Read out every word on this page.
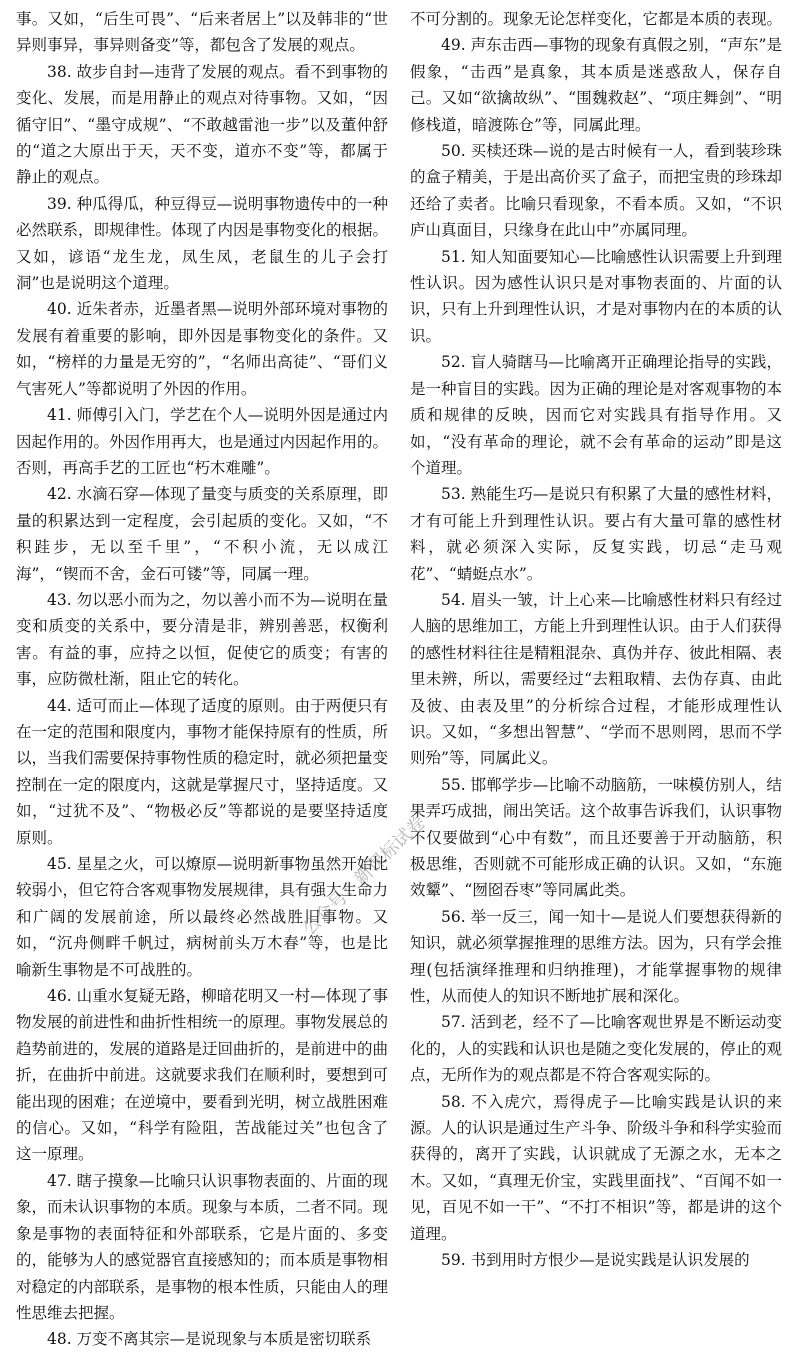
事。又如，“后生可畏”、“后来者居上”以及韩非的“世异则事异，事异则备变”等，都包含了发展的观点。

38. 故步自封—违背了发展的观点。看不到事物的变化、发展，而是用静止的观点对待事物。又如，“因循守旧”、“墨守成规”、“不敢越雷池一步”以及董仲舒的“道之大原出于天，天不变，道亦不变”等，都属于静止的观点。

39. 种瓜得瓜，种豆得豆—说明事物遗传中的一种必然联系，即规律性。体现了内因是事物变化的根据。又如，谚语“龙生龙，凤生凤，老鼠生的儿子会打洞”也是说明这个道理。

40. 近朱者赤，近墨者黑—说明外部环境对事物的发展有着重要的影响，即外因是事物变化的条件。又如，“榜样的力量是无穷的”，“名师出高徒”、“哥们义气害死人”等都说明了外因的作用。

41. 师傅引入门，学艺在个人—说明外因是通过内因起作用的。外因作用再大，也是通过内因起作用的。否则，再高手艺的工匠也“朽木难雕”。

42. 水滴石穿—体现了量变与质变的关系原理，即量的积累达到一定程度，会引起质的变化。又如，“不积跬步，无以至千里”，“不积小流，无以成江海”，“锲而不舍，金石可镂”等，同属一理。

43. 勿以恶小而为之，勿以善小而不为—说明在量变和质变的关系中，要分清是非，辨别善恶，权衡利害。有益的事，应持之以恒，促使它的质变；有害的事，应防微杜渐，阻止它的转化。

44. 适可而止—体现了适度的原则。由于两便只有在一定的范围和限度内，事物才能保持原有的性质，所以，当我们需要保持事物性质的稳定时，就必须把量变控制在一定的限度内，这就是掌握尺寸，坚持适度。又如，“过犹不及”、“物极必反”等都说的是要坚持适度原则。

45. 星星之火，可以燎原—说明新事物虽然开始比较弱小，但它符合客观事物发展规律，具有强大生命力和广阔的发展前途，所以最终必然战胜旧事物。又如，“沉舟侧畔千帆过，病树前头万木春”等，也是比喻新生事物是不可战胜的。

46. 山重水复疑无路，柳暗花明又一村—体现了事物发展的前进性和曲折性相统一的原理。事物发展总的趋势前进的，发展的道路是迂回曲折的，是前进中的曲折，在曲折中前进。这就要求我们在顺利时，要想到可能出现的困难；在逆境中，要看到光明，树立战胜困难的信心。又如，“科学有险阻，苦战能过关”也包含了这一原理。

47. 瞎子摸象—比喻只认识事物表面的、片面的现象，而未认识事物的本质。现象与本质，二者不同。现象是事物的表面特征和外部联系，它是片面的、多变的，能够为人的感觉器官直接感知的；而本质是事物相对稳定的内部联系，是事物的根本性质，只能由人的理性思维去把握。

48. 万变不离其宗—是说现象与本质是密切联系

不可分割的。现象无论怎样变化，它都是本质的表现。

49. 声东击西—事物的现象有真假之别，“声东”是假象，“击西”是真象，其本质是迷惑敌人，保存自己。又如“欲擒故纵”、“围魏救赵”、“项庄舞剑”、“明修栈道，暗渡陈仓”等，同属此理。

50. 买椟还珠—说的是古时候有一人，看到装珍珠的盒子精美，于是出高价买了盒子，而把宝贵的珍珠却还给了卖者。比喻只看现象，不看本质。又如，“不识庐山真面目，只缘身在此山中”亦属同理。

51. 知人知面要知心—比喻感性认识需要上升到理性认识。因为感性认识只是对事物表面的、片面的认识，只有上升到理性认识，才是对事物内在的本质的认识。

52. 盲人骑瞎马—比喻离开正确理论指导的实践，是一种盲目的实践。因为正确的理论是对客观事物的本质和规律的反映，因而它对实践具有指导作用。又如，“没有革命的理论，就不会有革命的运动”即是这个道理。

53. 熟能生巧—是说只有积累了大量的感性材料，才有可能上升到理性认识。要占有大量可靠的感性材料，就必须深入实际，反复实践，切忌“走马观花”、“蜻蜓点水”。

54. 眉头一皱，计上心来—比喻感性材料只有经过人脑的思维加工，方能上升到理性认识。由于人们获得的感性材料往往是精粗混杂、真伪并存、彼此相隔、表里未辨，所以，需要经过“去粗取精、去伪存真、由此及彼、由表及里”的分析综合过程，才能形成理性认识。又如，“多想出智慧”、“学而不思则罔，思而不学则殆”等，同属此义。

55. 邯郸学步—比喻不动脑筋，一味模仿别人，结果弄巧成拙，闹出笑话。这个故事告诉我们，认识事物不仅要做到“心中有数”，而且还要善于开动脑筋，积极思维，否则就不可能形成正确的认识。又如，“东施效颦”、“囫囵吞枣”等同属此类。

56. 举一反三，闻一知十—是说人们要想获得新的知识，就必须掌握推理的思维方法。因为，只有学会推理(包括演绎推理和归纳推理)，才能掌握事物的规律性，从而使人的知识不断地扩展和深化。

57. 活到老，经不了—比喻客观世界是不断运动变化的，人的实践和认识也是随之变化发展的，停止的观点，无所作为的观点都是不符合客观实际的。

58. 不入虎穴，焉得虎子—比喻实践是认识的来源。人的认识是通过生产斗争、阶级斗争和科学实验而获得的，离开了实践，认识就成了无源之水，无本之木。又如，“真理无价宝，实践里面找”、“百闻不如一见，百见不如一干”、“不打不相识”等，都是讲的这个道理。

59. 书到用时方恨少—是说实践是认识发展的

公众号：新课标试卷
